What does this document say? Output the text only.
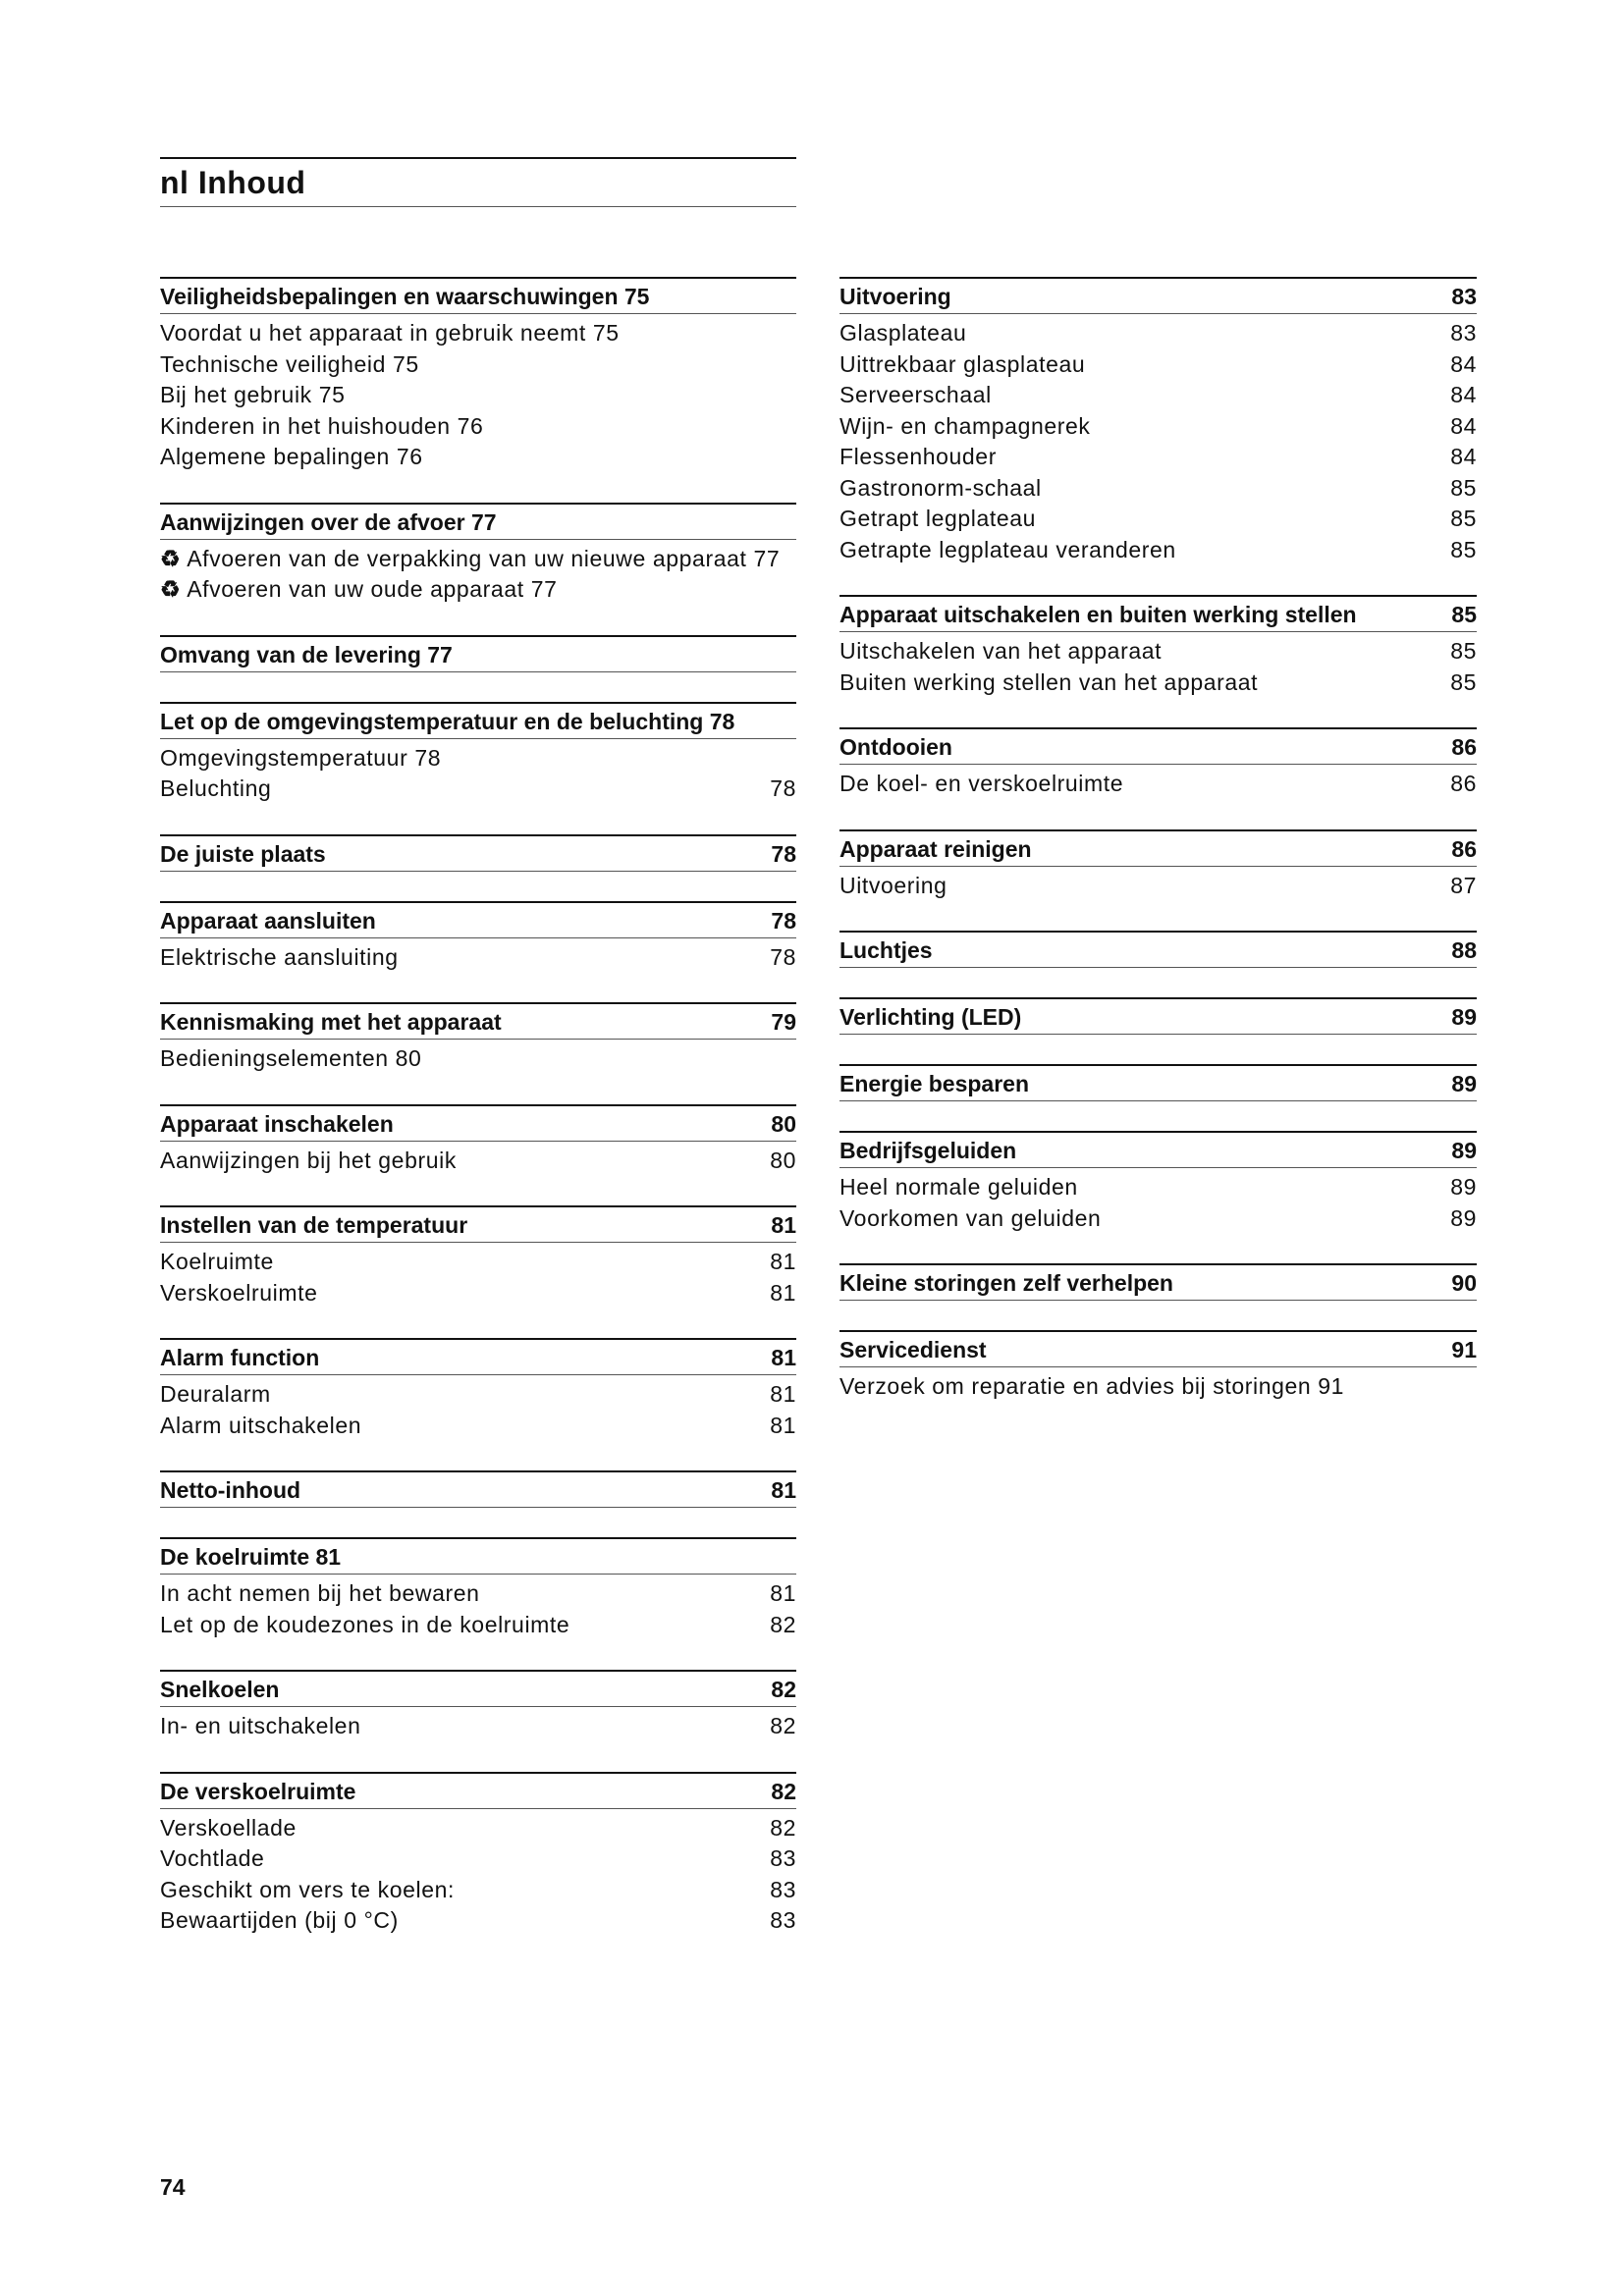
nl Inhoud
Veiligheidsbepalingen en waarschuwingen 75
Voordat u het apparaat in gebruik neemt 75
Technische veiligheid 75
Bij het gebruik 75
Kinderen in het huishouden 76
Algemene bepalingen 76
Aanwijzingen over de afvoer 77
♻ Afvoeren van de verpakking van uw nieuwe apparaat 77
♻ Afvoeren van uw oude apparaat 77
Omvang van de levering 77
Let op de omgevingstemperatuur en de beluchting 78
Omgevingstemperatuur 78
Beluchting	78
De juiste plaats	78
Apparaat aansluiten	78
Elektrische aansluiting	78
Kennismaking met het apparaat	79
Bedieningselementen 80
Apparaat inschakelen	80
Aanwijzingen bij het gebruik	80
Instellen van de temperatuur	81
Koelruimte	81
Verskoelruimte	81
Alarm function	81
Deuralarm	81
Alarm uitschakelen	81
Netto-inhoud	81
De koelruimte 81
In acht nemen bij het bewaren	81
Let op de koudezones in de koelruimte	82
Snelkoelen	82
In- en uitschakelen	82
De verskoelruimte	82
Verskoellade	82
Vochtlade	83
Geschikt om vers te koelen:	83
Bewaartijden (bij 0 °C)	83
Uitvoering	83
Glasplateau	83
Uittrekbaar glasplateau	84
Serveerschaal	84
Wijn- en champagnerek	84
Flessenhouder	84
Gastronorm-schaal	85
Getrapt legplateau	85
Getrapte legplateau veranderen	85
Apparaat uitschakelen en buiten werking stellen	85
Uitschakelen van het apparaat	85
Buiten werking stellen van het apparaat	85
Ontdooien	86
De koel- en verskoelruimte	86
Apparaat reinigen	86
Uitvoering	87
Luchtjes	88
Verlichting (LED)	89
Energie besparen	89
Bedrijfsgeluiden	89
Heel normale geluiden	89
Voorkomen van geluiden	89
Kleine storingen zelf verhelpen	90
Servicedienst	91
Verzoek om reparatie en advies bij storingen 91
74
